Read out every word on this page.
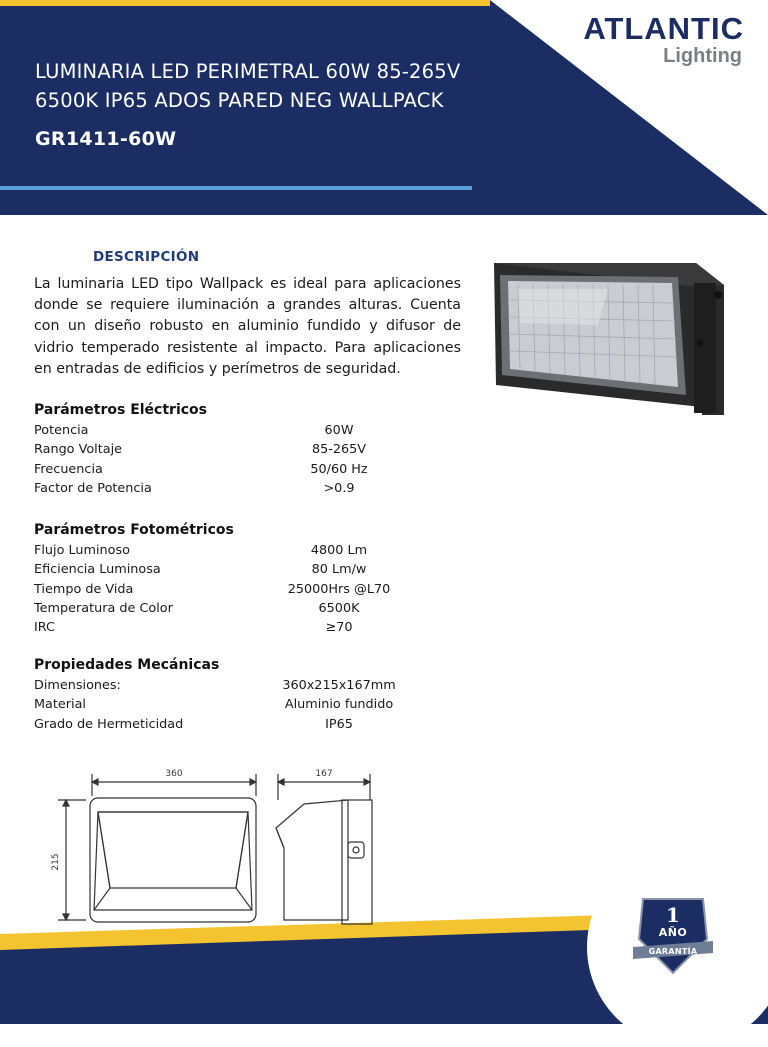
LUMINARIA LED PERIMETRAL 60W 85-265V
6500K IP65 ADOS PARED NEG WALLPACK
GR1411-60W
ATLANTIC
Lighting
DESCRIPCIÓN
La luminaria LED tipo Wallpack es ideal para aplicaciones donde se requiere iluminación a grandes alturas. Cuenta con un diseño robusto en aluminio fundido y difusor de vidrio temperado resistente al impacto. Para aplicaciones en entradas de edificios y perímetros de seguridad.
Parámetros Eléctricos
Potencia	60W
Rango Voltaje	85-265V
Frecuencia	50/60 Hz
Factor de Potencia	>0.9
Parámetros Fotométricos
Flujo Luminoso	4800 Lm
Eficiencia Luminosa	80 Lm/w
Tiempo de Vida	25000Hrs @L70
Temperatura de Color	6500K
IRC	≥70
Propiedades Mecánicas
Dimensiones:	360x215x167mm
Material	Aluminio fundido
Grado de Hermeticidad	IP65
360	167
215
1
AÑO
GARANTÍA
